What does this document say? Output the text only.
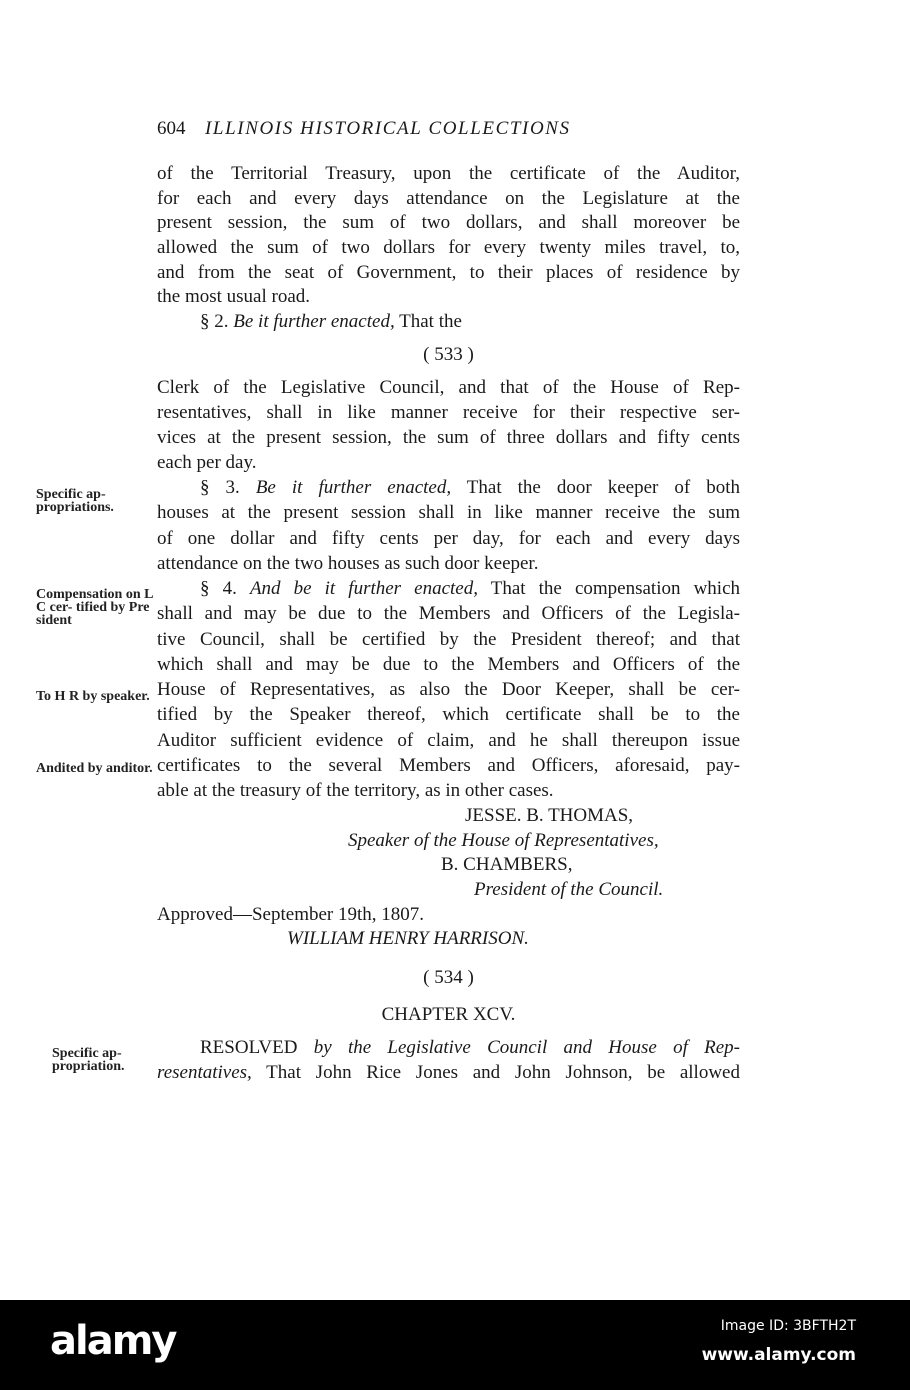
604 ILLINOIS HISTORICAL COLLECTIONS
Specific ap- propriations.
Compensation on L C cer- tified by Pre sident
To H R by speaker.
Andited by anditor.
Specific ap- propriation.
of the Territorial Treasury, upon the certificate of the Auditor,
for each and every days attendance on the Legislature at the
present session, the sum of two dollars, and shall moreover be
allowed the sum of two dollars for every twenty miles travel, to,
and from the seat of Government, to their places of residence by
the most usual road.
§ 2. Be it further enacted, That the
( 533 )
Clerk of the Legislative Council, and that of the House of Rep-
resentatives, shall in like manner receive for their respective ser-
vices at the present session, the sum of three dollars and fifty cents
each per day.
§ 3. Be it further enacted, That the door keeper of both
houses at the present session shall in like manner receive the sum
of one dollar and fifty cents per day, for each and every days
attendance on the two houses as such door keeper.
§ 4. And be it further enacted, That the compensation which
shall and may be due to the Members and Officers of the Legisla-
tive Council, shall be certified by the President thereof; and that
which shall and may be due to the Members and Officers of the
House of Representatives, as also the Door Keeper, shall be cer-
tified by the Speaker thereof, which certificate shall be to the
Auditor sufficient evidence of claim, and he shall thereupon issue
certificates to the several Members and Officers, aforesaid, pay-
able at the treasury of the territory, as in other cases.
JESSE. B. THOMAS,
Speaker of the House of Representatives,
B. CHAMBERS,
President of the Council.
Approved—September 19th, 1807.
WILLIAM HENRY HARRISON.
( 534 )
CHAPTER XCV.
RESOLVED by the Legislative Council and House of Rep-
resentatives, That John Rice Jones and John Johnson, be allowed
alamy	Image ID: 3BFTH2T
www.alamy.com
